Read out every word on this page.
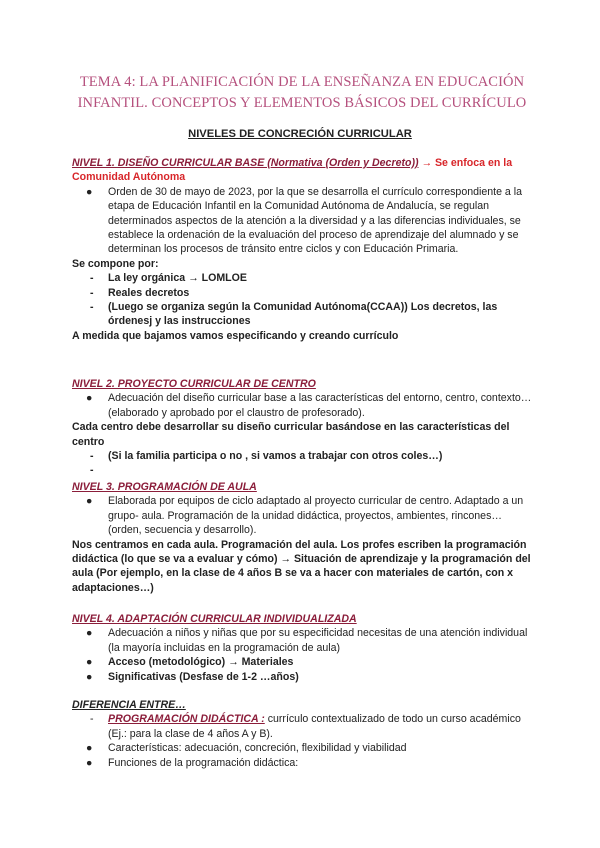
TEMA 4: LA PLANIFICACIÓN DE LA ENSEÑANZA EN EDUCACIÓN INFANTIL. CONCEPTOS Y ELEMENTOS BÁSICOS DEL CURRÍCULO
NIVELES DE CONCRECIÓN CURRICULAR
NIVEL 1. DISEÑO CURRICULAR BASE (Normativa (Orden y Decreto)) → Se enfoca en la Comunidad Autónoma
●	Orden de 30 de mayo de 2023, por la que se desarrolla el currículo correspondiente a la etapa de Educación Infantil en la Comunidad Autónoma de Andalucía, se regulan determinados aspectos de la atención a la diversidad y a las diferencias individuales, se establece la ordenación de la evaluación del proceso de aprendizaje del alumnado y se determinan los procesos de tránsito entre ciclos y con Educación Primaria.
Se compone por:
-	La ley orgánica → LOMLOE
-	Reales decretos
-	(Luego se organiza según la Comunidad Autónoma(CCAA)) Los decretos, las órdenesj y las instrucciones
A medida que bajamos vamos especificando y creando currículo
NIVEL 2. PROYECTO CURRICULAR DE CENTRO
●	Adecuación del diseño curricular base a las características del entorno, centro, contexto… (elaborado y aprobado por el claustro de profesorado).
Cada centro debe desarrollar su diseño curricular basándose en las características del centro
-	(Si la familia participa o no , si vamos a trabajar con otros coles…)
-
NIVEL 3. PROGRAMACIÓN DE AULA
●	Elaborada por equipos de ciclo adaptado al proyecto curricular de centro. Adaptado a un grupo- aula. Programación de la unidad didáctica, proyectos, ambientes, rincones…(orden, secuencia y desarrollo).
Nos centramos en cada aula. Programación del aula. Los profes escriben la programación didáctica (lo que se va a evaluar y cómo) → Situación de aprendizaje y la programación del aula (Por ejemplo, en la clase de 4 años B se va a hacer con materiales de cartón, con x adaptaciones…)
NIVEL 4. ADAPTACIÓN CURRICULAR INDIVIDUALIZADA
●	Adecuación a niños y niñas que por su especificidad necesitas de una atención individual (la mayoría incluidas en la programación de aula)
●	Acceso (metodológico) → Materiales
●	Significativas (Desfase de 1-2 …años)
DIFERENCIA ENTRE…
-	PROGRAMACIÓN DIDÁCTICA : currículo contextualizado de todo un curso académico (Ej.: para la clase de 4 años A y B).
●	Características: adecuación, concreción, flexibilidad y viabilidad
●	Funciones de la programación didáctica:
